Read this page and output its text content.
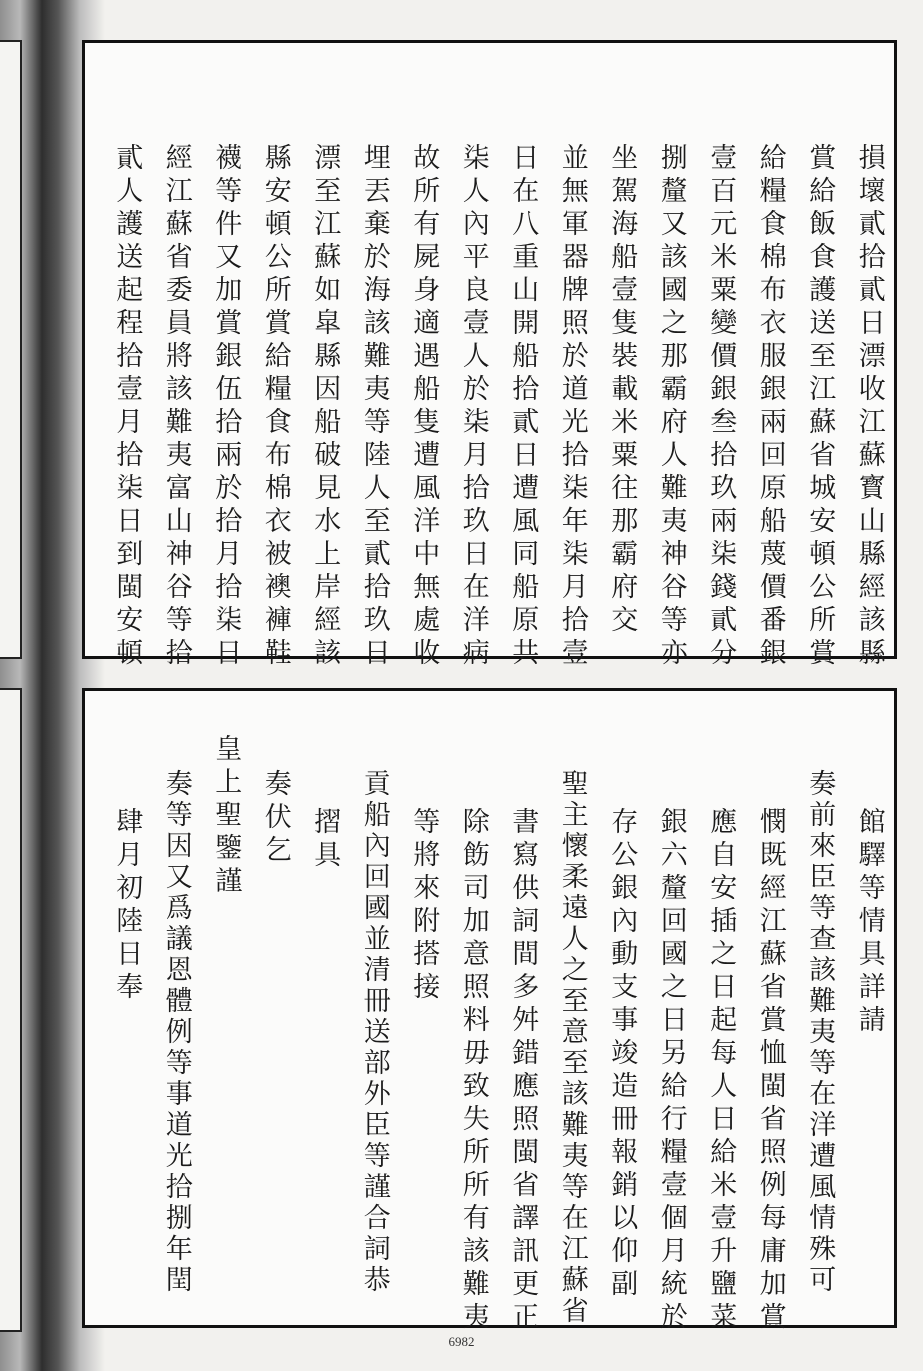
損壞貳拾貳日漂收江蘇寳山縣經該縣
賞給飯食護送至江蘇省城安頓公所賞
給糧食棉布衣服銀兩回原船蔑價番銀
壹百元米粟變價銀叁拾玖兩柒錢貳分
捌釐又該國之那霸府人難夷神谷等亦
坐駕海船壹隻裝載米粟往那霸府交
並無軍器牌照於道光拾柒年柒月拾壹
日在八重山開船拾貳日遭風同船原共
柒人內平良壹人於柒月拾玖日在洋病
故所有屍身適遇船隻遭風洋中無處收
埋丟棄於海該難夷等陸人至貳拾玖日
漂至江蘇如皐縣因船破見水上岸經該
縣安頓公所賞給糧食布棉衣被襖褲鞋
襪等件又加賞銀伍拾兩於拾月拾柒日
經江蘇省委員將該難夷富山神谷等拾
貳人護送起程拾壹月拾柒日到閩安頓
館驛等情具詳請
奏前來臣等查該難夷等在洋遭風情殊可
憫既經江蘇省賞恤閩省照例每庸加賞
應自安插之日起每人日給米壹升鹽菜
銀六釐回國之日另給行糧壹個月統於
存公銀內動支事竣造冊報銷以仰副
聖主懷柔遠人之至意至該難夷等在江蘇省
書寫供詞間多舛錯應照閩省譯訊更正
除飭司加意照料毋致失所所有該難夷
等將來附搭接
貢船內回國並清冊送部外臣等謹合詞恭
摺具
奏伏乞
皇上聖鑒謹
奏等因又爲議恩體例等事道光拾捌年閏
肆月初陸日奉
6982
